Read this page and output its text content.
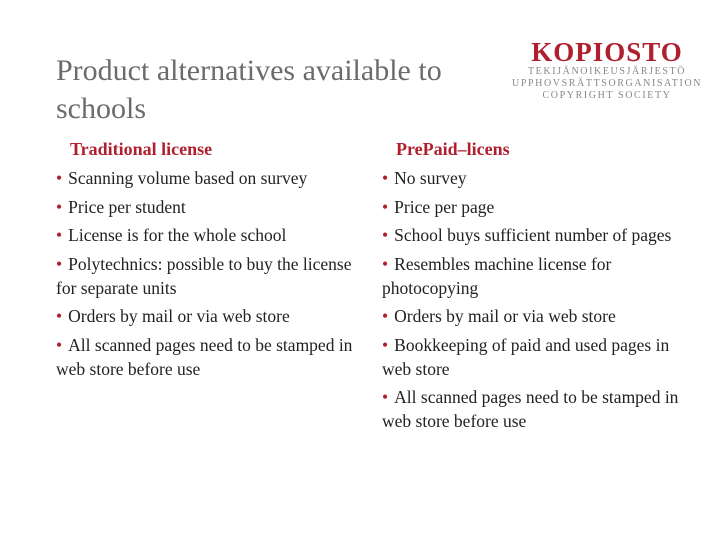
Product alternatives available to schools
KOPIOSTO
TEKIJÄNOIKEUSJÄRJESTÖ
UPPHOVSRÄTTSORGANISATION
COPYRIGHT SOCIETY
Traditional license
• Scanning volume based on survey
• Price per student
• License is for the whole school
• Polytechnics: possible to buy the license for separate units
• Orders by mail or via web store
• All scanned pages need to be stamped in web store before use
PrePaid–licens
• No survey
• Price per page
• School buys sufficient number of pages
• Resembles machine license for photocopying
• Orders by mail or via web store
• Bookkeeping of paid and used pages in web store
• All scanned pages need to be stamped in web store before use
